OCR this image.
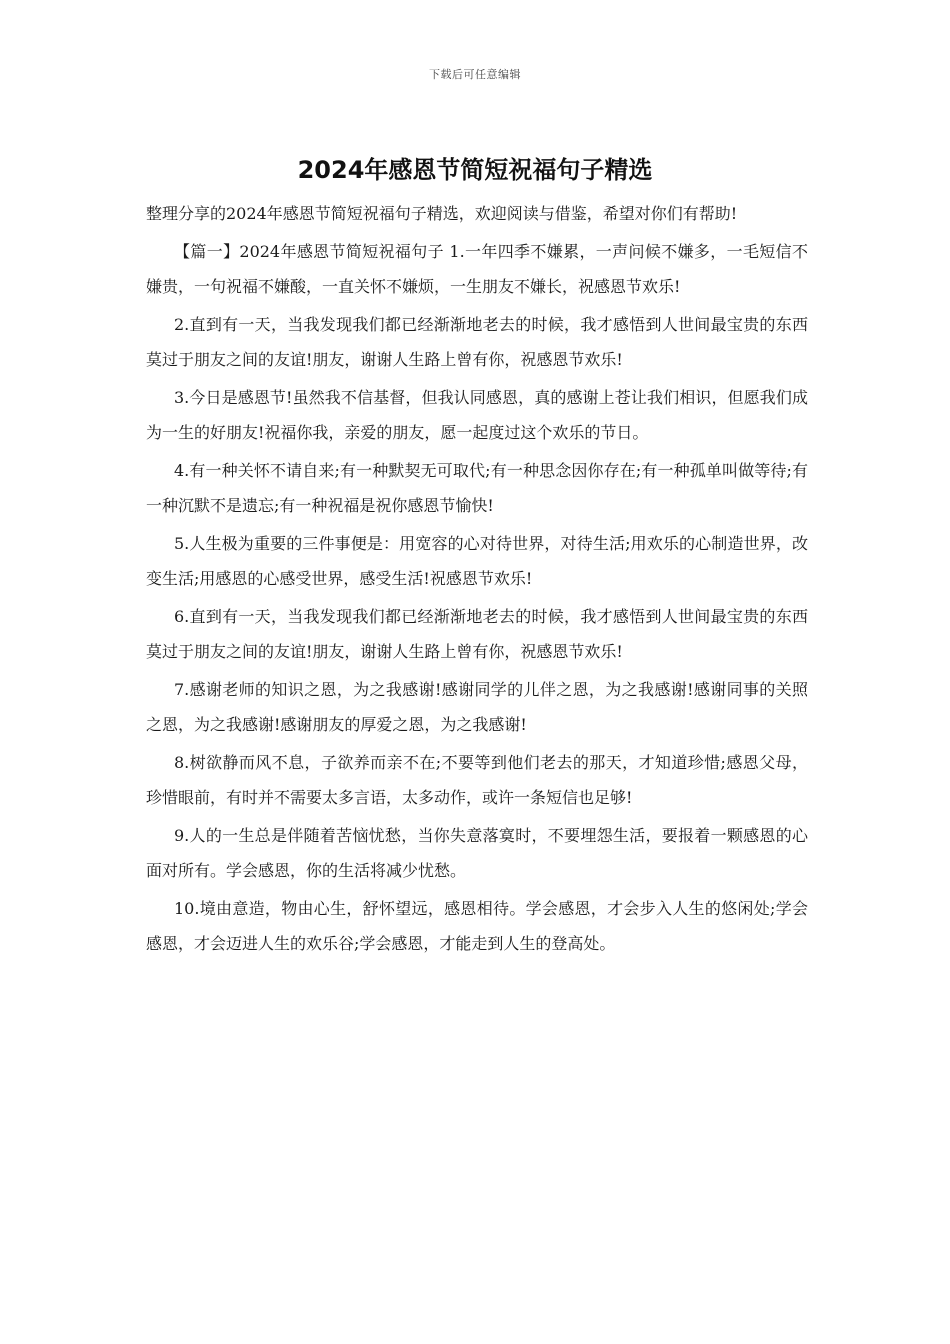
下载后可任意编辑
2024年感恩节简短祝福句子精选

整理分享的2024年感恩节简短祝福句子精选，欢迎阅读与借鉴，希望对你们有帮助!

【篇一】2024年感恩节简短祝福句子 1.一年四季不嫌累，一声问候不嫌多，一毛短信不嫌贵，一句祝福不嫌酸，一直关怀不嫌烦，一生朋友不嫌长，祝感恩节欢乐!

2.直到有一天，当我发现我们都已经渐渐地老去的时候，我才感悟到人世间最宝贵的东西莫过于朋友之间的友谊!朋友，谢谢人生路上曾有你，祝感恩节欢乐!

3.今日是感恩节!虽然我不信基督，但我认同感恩，真的感谢上苍让我们相识，但愿我们成为一生的好朋友!祝福你我，亲爱的朋友，愿一起度过这个欢乐的节日。

4.有一种关怀不请自来;有一种默契无可取代;有一种思念因你存在;有一种孤单叫做等待;有一种沉默不是遗忘;有一种祝福是祝你感恩节愉快!

5.人生极为重要的三件事便是：用宽容的心对待世界，对待生活;用欢乐的心制造世界，改变生活;用感恩的心感受世界，感受生活!祝感恩节欢乐!

6.直到有一天，当我发现我们都已经渐渐地老去的时候，我才感悟到人世间最宝贵的东西莫过于朋友之间的友谊!朋友，谢谢人生路上曾有你，祝感恩节欢乐!

7.感谢老师的知识之恩，为之我感谢!感谢同学的儿伴之恩，为之我感谢!感谢同事的关照之恩，为之我感谢!感谢朋友的厚爱之恩，为之我感谢!

8.树欲静而风不息，子欲养而亲不在;不要等到他们老去的那天，才知道珍惜;感恩父母，珍惜眼前，有时并不需要太多言语，太多动作，或许一条短信也足够!

9.人的一生总是伴随着苦恼忧愁，当你失意落寞时，不要埋怨生活，要报着一颗感恩的心面对所有。学会感恩，你的生活将减少忧愁。

10.境由意造，物由心生，舒怀望远，感恩相待。学会感恩，才会步入人生的悠闲处;学会感恩，才会迈进人生的欢乐谷;学会感恩，才能走到人生的登高处。
